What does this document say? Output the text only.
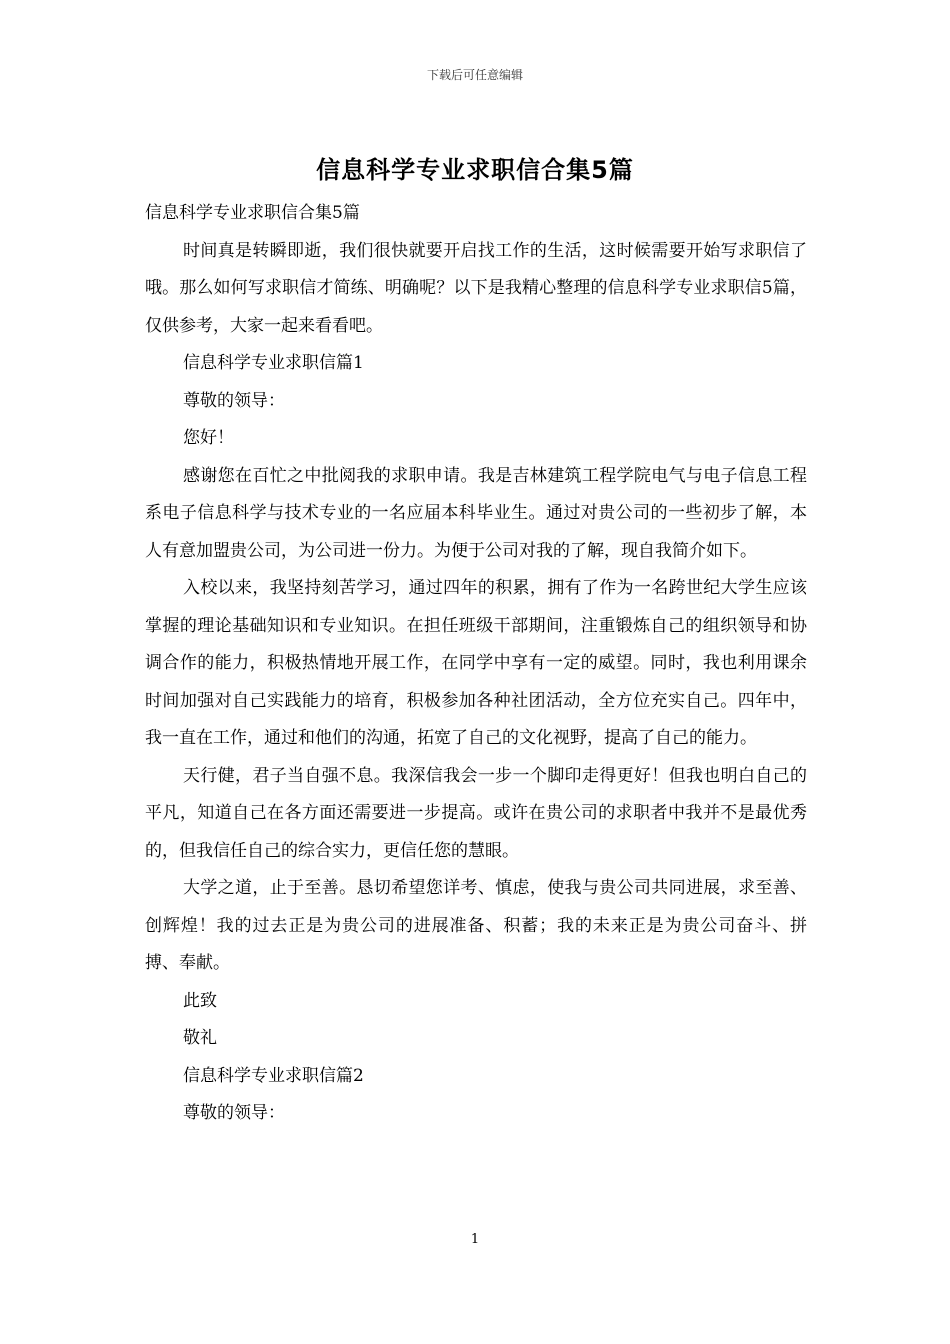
下载后可任意编辑
信息科学专业求职信合集5篇

信息科学专业求职信合集5篇

时间真是转瞬即逝，我们很快就要开启找工作的生活，这时候需要开始写求职信了哦。那么如何写求职信才简练、明确呢？以下是我精心整理的信息科学专业求职信5篇，仅供参考，大家一起来看看吧。

信息科学专业求职信篇1

尊敬的领导：

您好！

感谢您在百忙之中批阅我的求职申请。我是吉林建筑工程学院电气与电子信息工程系电子信息科学与技术专业的一名应届本科毕业生。通过对贵公司的一些初步了解，本人有意加盟贵公司，为公司进一份力。为便于公司对我的了解，现自我简介如下。

入校以来，我坚持刻苦学习，通过四年的积累，拥有了作为一名跨世纪大学生应该掌握的理论基础知识和专业知识。在担任班级干部期间，注重锻炼自己的组织领导和协调合作的能力，积极热情地开展工作，在同学中享有一定的威望。同时，我也利用课余时间加强对自己实践能力的培育，积极参加各种社团活动，全方位充实自己。四年中，我一直在工作，通过和他们的沟通，拓宽了自己的文化视野，提高了自己的能力。

天行健，君子当自强不息。我深信我会一步一个脚印走得更好！但我也明白自己的平凡，知道自己在各方面还需要进一步提高。或许在贵公司的求职者中我并不是最优秀的，但我信任自己的综合实力，更信任您的慧眼。

大学之道，止于至善。恳切希望您详考、慎虑，使我与贵公司共同进展，求至善、创辉煌！我的过去正是为贵公司的进展准备、积蓄；我的未来正是为贵公司奋斗、拼搏、奉献。

此致

敬礼

信息科学专业求职信篇2

尊敬的领导：

1
